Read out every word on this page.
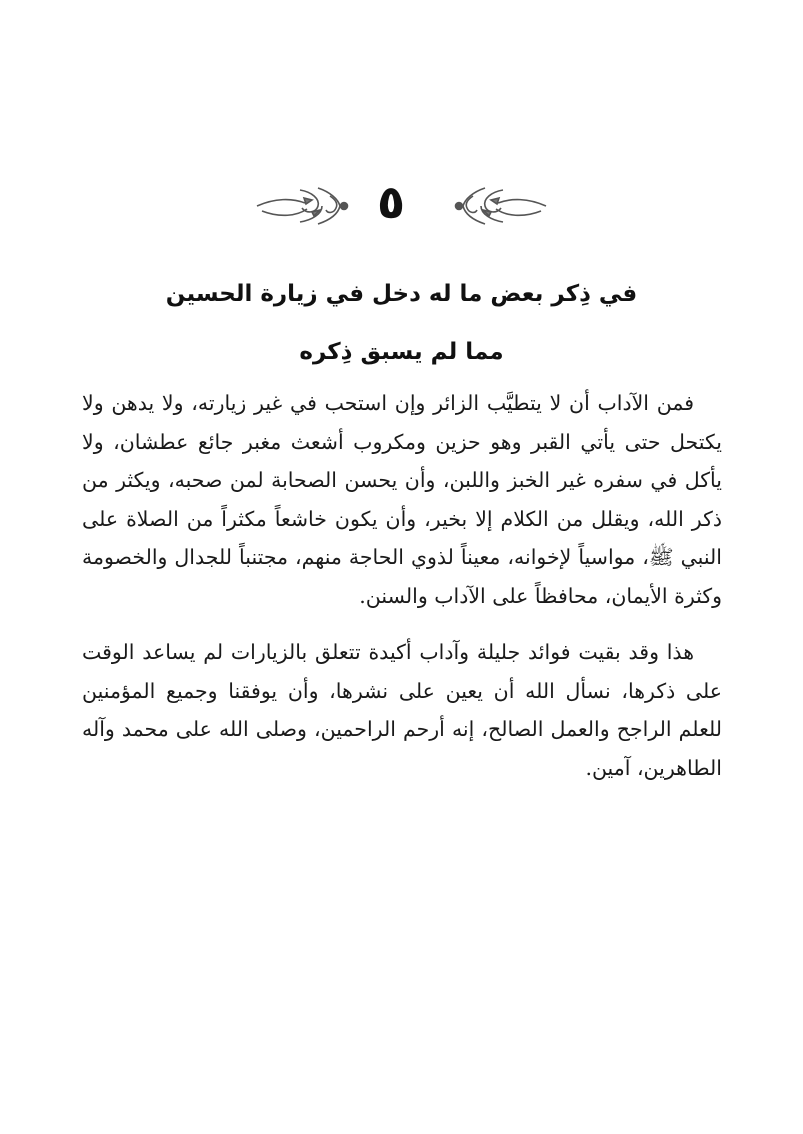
٥
في ذِكر بعض ما له دخل في زيارة الحسين
مما لم يسبق ذِكره

فمن الآداب أن لا يتطيَّب الزائر وإن استحب في غير زيارته، ولا يدهن ولا يكتحل حتى يأتي القبر وهو حزين ومكروب أشعث مغبر جائع عطشان، ولا يأكل في سفره غير الخبز واللبن، وأن يحسن الصحابة لمن صحبه، ويكثر من ذكر الله، ويقلل من الكلام إلا بخير، وأن يكون خاشعاً مكثراً من الصلاة على النبي ﷺ، مواسياً لإخوانه، معيناً لذوي الحاجة منهم، مجتنباً للجدال والخصومة وكثرة الأيمان، محافظاً على الآداب والسنن.

هذا وقد بقيت فوائد جليلة وآداب أكيدة تتعلق بالزيارات لم يساعد الوقت على ذكرها، نسأل الله أن يعين على نشرها، وأن يوفقنا وجميع المؤمنين للعلم الراجح والعمل الصالح، إنه أرحم الراحمين، وصلى الله على محمد وآله الطاهرين، آمين.
